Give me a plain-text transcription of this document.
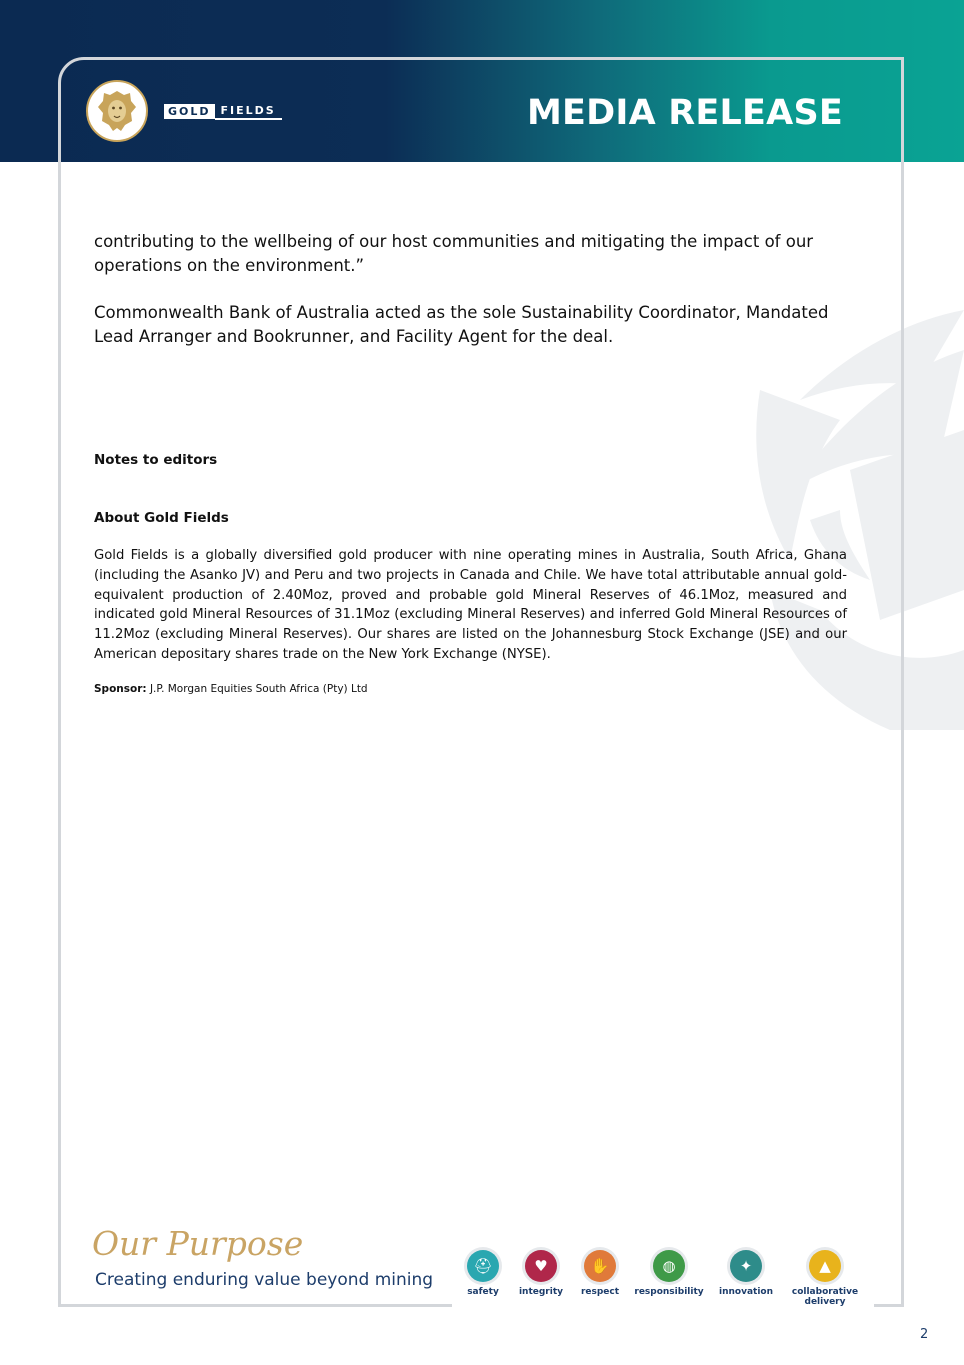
GOLD FIELDS	MEDIA RELEASE

contributing to the wellbeing of our host communities and mitigating the impact of our operations on the environment.”

Commonwealth Bank of Australia acted as the sole Sustainability Coordinator, Mandated Lead Arranger and Bookrunner, and Facility Agent for the deal.

Notes to editors

About Gold Fields

Gold Fields is a globally diversified gold producer with nine operating mines in Australia, South Africa, Ghana (including the Asanko JV) and Peru and two projects in Canada and Chile. We have total attributable annual gold-equivalent production of 2.40Moz, proved and probable gold Mineral Reserves of 46.1Moz, measured and indicated gold Mineral Resources of 31.1Moz (excluding Mineral Reserves) and inferred Gold Mineral Resources of 11.2Moz (excluding Mineral Reserves). Our shares are listed on the Johannesburg Stock Exchange (JSE) and our American depositary shares trade on the New York Exchange (NYSE).

Sponsor: J.P. Morgan Equities South Africa (Pty) Ltd

Our Purpose
Creating enduring value beyond mining
⛑
safety
♥
integrity
✋
respect
◍
responsibility
✦
innovation
▲
collaborative delivery
2
